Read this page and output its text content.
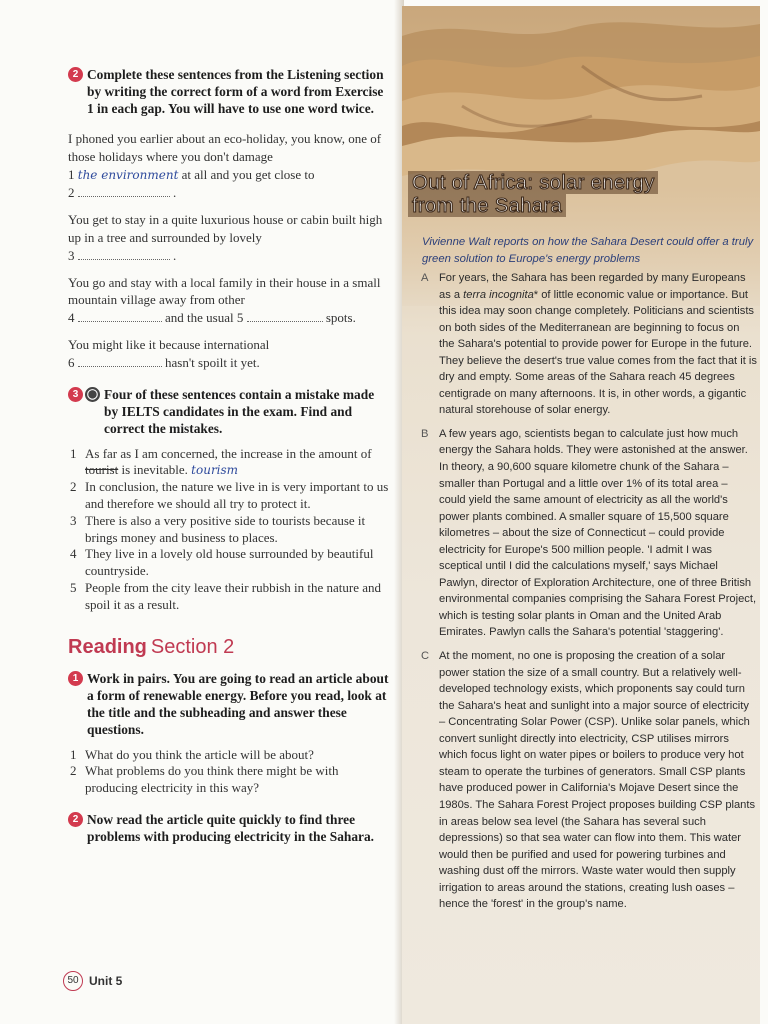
2 Complete these sentences from the Listening section by writing the correct form of a word from Exercise 1 in each gap. You will have to use one word twice.

I phoned you earlier about an eco-holiday, you know, one of those holidays where you don't damage
1 the environment at all and you get close to
2	.

You get to stay in a quite luxurious house or cabin built high up in a tree and surrounded by lovely
3	.

You go and stay with a local family in their house in a small mountain village away from other
4	and the usual 5	spots.

You might like it because international
6	hasn't spoilt it yet.

3 ◯ Four of these sentences contain a mistake made by IELTS candidates in the exam. Find and correct the mistakes.
1 As far as I am concerned, the increase in the amount of tourist is inevitable. tourism
2 In conclusion, the nature we live in is very important to us and therefore we should all try to protect it.
3 There is also a very positive side to tourists because it brings money and business to places.
4 They live in a lovely old house surrounded by beautiful countryside.
5 People from the city leave their rubbish in the nature and spoil it as a result.
Reading Section 2
1 Work in pairs. You are going to read an article about a form of renewable energy. Before you read, look at the title and the subheading and answer these questions.
1 What do you think the article will be about?
2 What problems do you think there might be with producing electricity in this way?
2 Now read the article quite quickly to find three problems with producing electricity in the Sahara.
50 Unit 5
Out of Africa: solar energy
from the Sahara

Vivienne Walt reports on how the Sahara Desert could offer a truly green solution to Europe's energy problems

A For years, the Sahara has been regarded by many Europeans as a terra incognita* of little economic value or importance. But this idea may soon change completely. Politicians and scientists on both sides of the Mediterranean are beginning to focus on the Sahara's potential to provide power for Europe in the future. They believe the desert's true value comes from the fact that it is dry and empty. Some areas of the Sahara reach 45 degrees centigrade on many afternoons. It is, in other words, a gigantic natural storehouse of solar energy.

B A few years ago, scientists began to calculate just how much energy the Sahara holds. They were astonished at the answer. In theory, a 90,600 square kilometre chunk of the Sahara – smaller than Portugal and a little over 1% of its total area – could yield the same amount of electricity as all the world's power plants combined. A smaller square of 15,500 square kilometres – about the size of Connecticut – could provide electricity for Europe's 500 million people. 'I admit I was sceptical until I did the calculations myself,' says Michael Pawlyn, director of Exploration Architecture, one of three British environmental companies comprising the Sahara Forest Project, which is testing solar plants in Oman and the United Arab Emirates. Pawlyn calls the Sahara's potential 'staggering'.

C At the moment, no one is proposing the creation of a solar power station the size of a small country. But a relatively well-developed technology exists, which proponents say could turn the Sahara's heat and sunlight into a major source of electricity – Concentrating Solar Power (CSP). Unlike solar panels, which convert sunlight directly into electricity, CSP utilises mirrors which focus light on water pipes or boilers to produce very hot steam to operate the turbines of generators. Small CSP plants have produced power in California's Mojave Desert since the 1980s. The Sahara Forest Project proposes building CSP plants in areas below sea level (the Sahara has several such depressions) so that sea water can flow into them. This water would then be purified and used for powering turbines and washing dust off the mirrors. Waste water would then supply irrigation to areas around the stations, creating lush oases – hence the 'forest' in the group's name.
